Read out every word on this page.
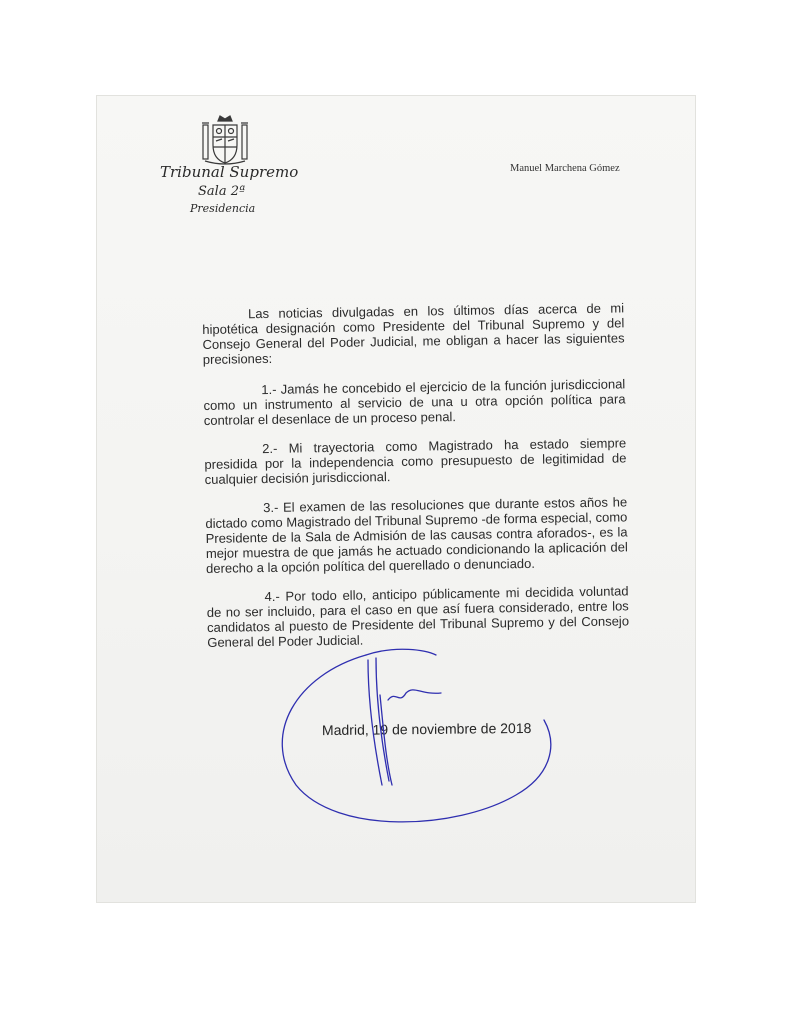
Tribunal Supremo
Sala 2ª
Presidencia
Manuel Marchena Gómez

Las noticias divulgadas en los últimos días acerca de mi hipotética designación como Presidente del Tribunal Supremo y del Consejo General del Poder Judicial, me obligan a hacer las siguientes precisiones:

1.- Jamás he concebido el ejercicio de la función jurisdiccional como un instrumento al servicio de una u otra opción política para controlar el desenlace de un proceso penal.

2.- Mi trayectoria como Magistrado ha estado siempre presidida por la independencia como presupuesto de legitimidad de cualquier decisión jurisdiccional.

3.- El examen de las resoluciones que durante estos años he dictado como Magistrado del Tribunal Supremo -de forma especial, como Presidente de la Sala de Admisión de las causas contra aforados-, es la mejor muestra de que jamás he actuado condicionando la aplicación del derecho a la opción política del querellado o denunciado.

4.- Por todo ello, anticipo públicamente mi decidida voluntad de no ser incluido, para el caso en que así fuera considerado, entre los candidatos al puesto de Presidente del Tribunal Supremo y del Consejo General del Poder Judicial.

Madrid, 19 de noviembre de 2018
